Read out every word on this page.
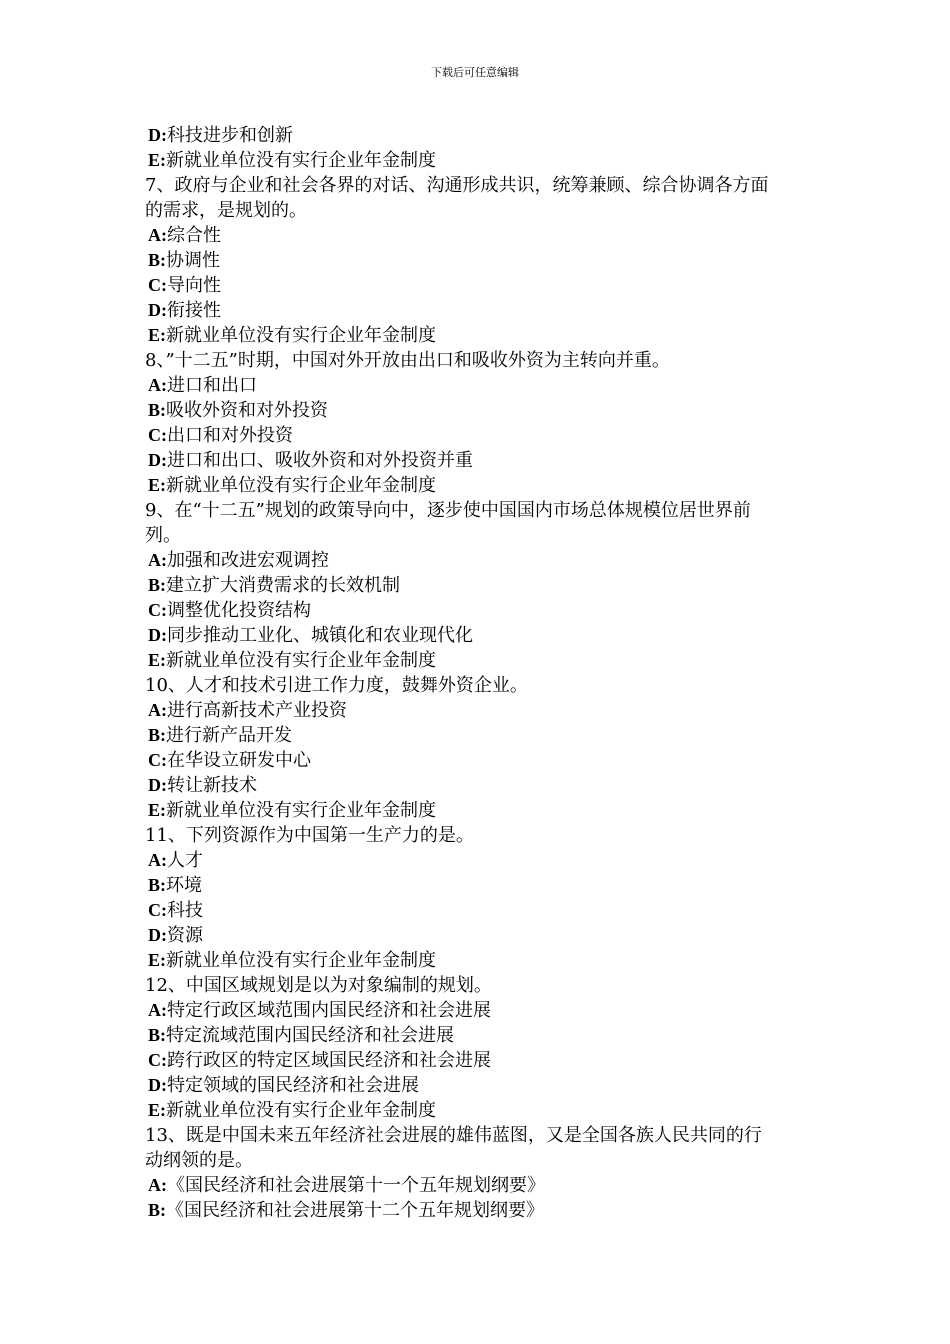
下载后可任意编辑
D:科技进步和创新
E:新就业单位没有实行企业年金制度
7、政府与企业和社会各界的对话、沟通形成共识，统筹兼顾、综合协调各方面
的需求，是规划的。
A:综合性
B:协调性
C:导向性
D:衔接性
E:新就业单位没有实行企业年金制度
8、”十二五”时期，中国对外开放由出口和吸收外资为主转向并重。
A:进口和出口
B:吸收外资和对外投资
C:出口和对外投资
D:进口和出口、吸收外资和对外投资并重
E:新就业单位没有实行企业年金制度
9、在“十二五”规划的政策导向中，逐步使中国国内市场总体规模位居世界前
列。
A:加强和改进宏观调控
B:建立扩大消费需求的长效机制
C:调整优化投资结构
D:同步推动工业化、城镇化和农业现代化
E:新就业单位没有实行企业年金制度
10、人才和技术引进工作力度，鼓舞外资企业。
A:进行高新技术产业投资
B:进行新产品开发
C:在华设立研发中心
D:转让新技术
E:新就业单位没有实行企业年金制度
11、下列资源作为中国第一生产力的是。
A:人才
B:环境
C:科技
D:资源
E:新就业单位没有实行企业年金制度
12、中国区域规划是以为对象编制的规划。
A:特定行政区域范围内国民经济和社会进展
B:特定流域范围内国民经济和社会进展
C:跨行政区的特定区域国民经济和社会进展
D:特定领域的国民经济和社会进展
E:新就业单位没有实行企业年金制度
13、既是中国未来五年经济社会进展的雄伟蓝图，又是全国各族人民共同的行
动纲领的是。
A:《国民经济和社会进展第十一个五年规划纲要》
B:《国民经济和社会进展第十二个五年规划纲要》
